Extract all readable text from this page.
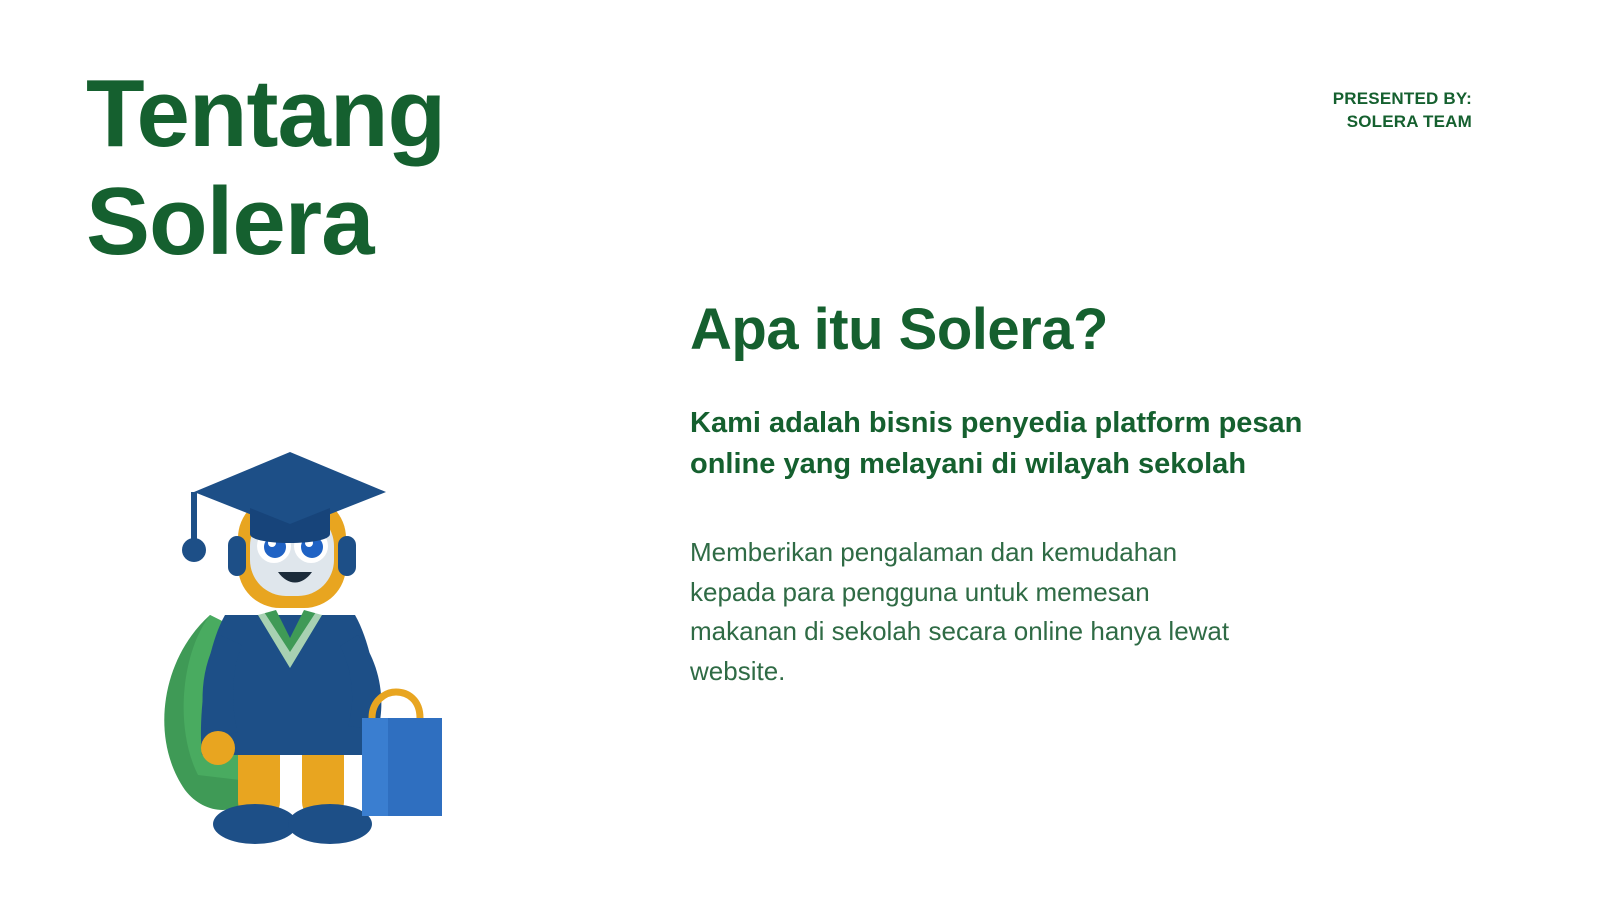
Tentang
Solera
PRESENTED BY:
SOLERA TEAM
Apa itu Solera?

Kami adalah bisnis penyedia platform pesan online yang melayani di wilayah sekolah

Memberikan pengalaman dan kemudahan kepada para pengguna untuk memesan makanan di sekolah secara online hanya lewat website.
